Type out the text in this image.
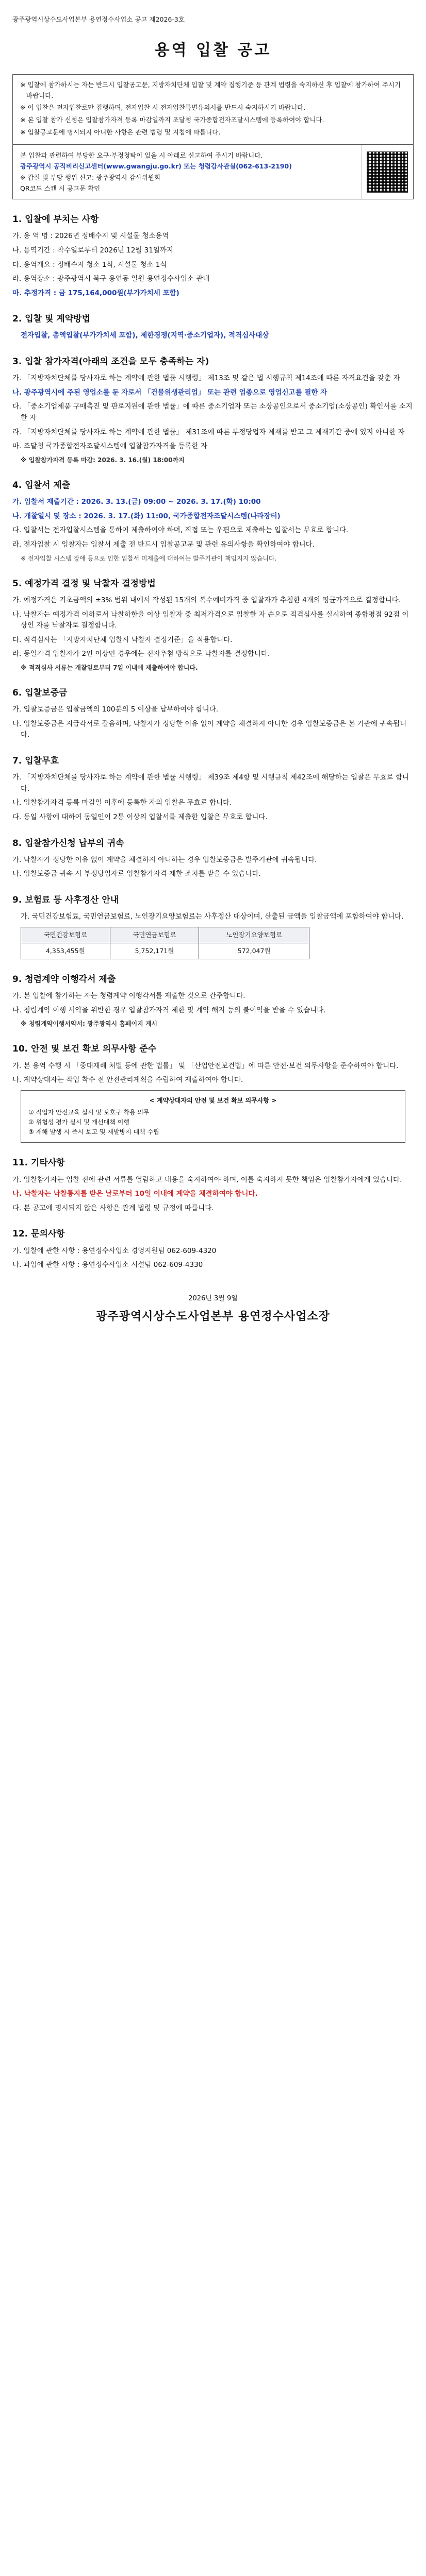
광주광역시상수도사업본부 용연정수사업소 공고 제2026-3호
용역 입찰 공고

※ 입찰에 참가하시는 자는 반드시 입찰공고문, 지방자치단체 입찰 및 계약 집행기준 등 관계 법령을 숙지하신 후 입찰에 참가하여 주시기 바랍니다.

※ 이 입찰은 전자입찰로만 집행하며, 전자입찰 시 전자입찰특별유의서를 반드시 숙지하시기 바랍니다.

※ 본 입찰 참가 신청은 입찰참가자격 등록 마감일까지 조달청 국가종합전자조달시스템에 등록하여야 합니다.

※ 입찰공고문에 명시되지 아니한 사항은 관련 법령 및 지침에 따릅니다.

본 입찰과 관련하여 부당한 요구·부정청탁이 있을 시 아래로 신고하여 주시기 바랍니다.
광주광역시 공직비리신고센터(www.gwangju.go.kr) 또는 청렴감사관실(062-613-2190)
※ 갑질 및 부당 행위 신고: 광주광역시 감사위원회
QR코드 스캔 시 공고문 확인
1. 입찰에 부치는 사항
가. 용 역 명 : 2026년 정배수지 및 시설물 청소용역
나. 용역기간 : 착수일로부터 2026년 12월 31일까지
다. 용역개요 : 정배수지 청소 1식, 시설물 청소 1식
라. 용역장소 : 광주광역시 북구 용연동 일원 용연정수사업소 관내
마. 추정가격 : 금 175,164,000원(부가가치세 포함)
2. 입찰 및 계약방법
전자입찰, 총액입찰(부가가치세 포함), 제한경쟁(지역·중소기업자), 적격심사대상
3. 입찰 참가자격(아래의 조건을 모두 충족하는 자)
가. 「지방자치단체를 당사자로 하는 계약에 관한 법률 시행령」 제13조 및 같은 법 시행규칙 제14조에 따른 자격요건을 갖춘 자
나. 광주광역시에 주된 영업소를 둔 자로서 「건물위생관리업」 또는 관련 업종으로 영업신고를 필한 자
다. 「중소기업제품 구매촉진 및 판로지원에 관한 법률」에 따른 중소기업자 또는 소상공인으로서 중소기업(소상공인) 확인서를 소지한 자
라. 「지방자치단체를 당사자로 하는 계약에 관한 법률」 제31조에 따른 부정당업자 제재를 받고 그 제재기간 중에 있지 아니한 자
마. 조달청 국가종합전자조달시스템에 입찰참가자격을 등록한 자
※ 입찰참가자격 등록 마감: 2026. 3. 16.(월) 18:00까지
4. 입찰서 제출
가. 입찰서 제출기간 : 2026. 3. 13.(금) 09:00 ~ 2026. 3. 17.(화) 10:00
나. 개찰일시 및 장소 : 2026. 3. 17.(화) 11:00, 국가종합전자조달시스템(나라장터)
다. 입찰서는 전자입찰시스템을 통하여 제출하여야 하며, 직접 또는 우편으로 제출하는 입찰서는 무효로 합니다.
라. 전자입찰 시 입찰자는 입찰서 제출 전 반드시 입찰공고문 및 관련 유의사항을 확인하여야 합니다.
※ 전자입찰 시스템 장애 등으로 인한 입찰서 미제출에 대하여는 발주기관이 책임지지 않습니다.
5. 예정가격 결정 및 낙찰자 결정방법
가. 예정가격은 기초금액의 ±3% 범위 내에서 작성된 15개의 복수예비가격 중 입찰자가 추첨한 4개의 평균가격으로 결정합니다.
나. 낙찰자는 예정가격 이하로서 낙찰하한율 이상 입찰자 중 최저가격으로 입찰한 자 순으로 적격심사를 실시하여 종합평점 92점 이상인 자를 낙찰자로 결정합니다.
다. 적격심사는 「지방자치단체 입찰시 낙찰자 결정기준」을 적용합니다.
라. 동일가격 입찰자가 2인 이상인 경우에는 전자추첨 방식으로 낙찰자를 결정합니다.
※ 적격심사 서류는 개찰일로부터 7일 이내에 제출하여야 합니다.
6. 입찰보증금
가. 입찰보증금은 입찰금액의 100분의 5 이상을 납부하여야 합니다.
나. 입찰보증금은 지급각서로 갈음하며, 낙찰자가 정당한 이유 없이 계약을 체결하지 아니한 경우 입찰보증금은 본 기관에 귀속됩니다.
7. 입찰무효
가. 「지방자치단체를 당사자로 하는 계약에 관한 법률 시행령」 제39조 제4항 및 시행규칙 제42조에 해당하는 입찰은 무효로 합니다.
나. 입찰참가자격 등록 마감일 이후에 등록한 자의 입찰은 무효로 합니다.
다. 동일 사항에 대하여 동일인이 2통 이상의 입찰서를 제출한 입찰은 무효로 합니다.
8. 입찰참가신청 납부의 귀속
가. 낙찰자가 정당한 이유 없이 계약을 체결하지 아니하는 경우 입찰보증금은 발주기관에 귀속됩니다.
나. 입찰보증금 귀속 시 부정당업자로 입찰참가자격 제한 조치를 받을 수 있습니다.
9. 보험료 등 사후정산 안내
가. 국민건강보험료, 국민연금보험료, 노인장기요양보험료는 사후정산 대상이며, 산출된 금액을 입찰금액에 포함하여야 합니다.
국민건강보험료	국민연금보험료	노인장기요양보험료
4,353,455원	5,752,171원	572,047원
9. 청렴계약 이행각서 제출
가. 본 입찰에 참가하는 자는 청렴계약 이행각서를 제출한 것으로 간주합니다.
나. 청렴계약 이행 서약을 위반한 경우 입찰참가자격 제한 및 계약 해지 등의 불이익을 받을 수 있습니다.
※ 청렴계약이행서약서: 광주광역시 홈페이지 게시
10. 안전 및 보건 확보 의무사항 준수
가. 본 용역 수행 시 「중대재해 처벌 등에 관한 법률」 및 「산업안전보건법」에 따른 안전·보건 의무사항을 준수하여야 합니다.
나. 계약상대자는 작업 착수 전 안전관리계획을 수립하여 제출하여야 합니다.
< 계약상대자의 안전 및 보건 확보 의무사항 >
① 작업자 안전교육 실시 및 보호구 착용 의무
② 위험성 평가 실시 및 개선대책 이행
③ 재해 발생 시 즉시 보고 및 재발방지 대책 수립
11. 기타사항
가. 입찰참가자는 입찰 전에 관련 서류를 열람하고 내용을 숙지하여야 하며, 이를 숙지하지 못한 책임은 입찰참가자에게 있습니다.
나. 낙찰자는 낙찰통지를 받은 날로부터 10일 이내에 계약을 체결하여야 합니다.
다. 본 공고에 명시되지 않은 사항은 관계 법령 및 규정에 따릅니다.
12. 문의사항
가. 입찰에 관한 사항 : 용연정수사업소 경영지원팀 062-609-4320
나. 과업에 관한 사항 : 용연정수사업소 시설팀 062-609-4330
2026년 3월 9일
광주광역시상수도사업본부 용연정수사업소장
